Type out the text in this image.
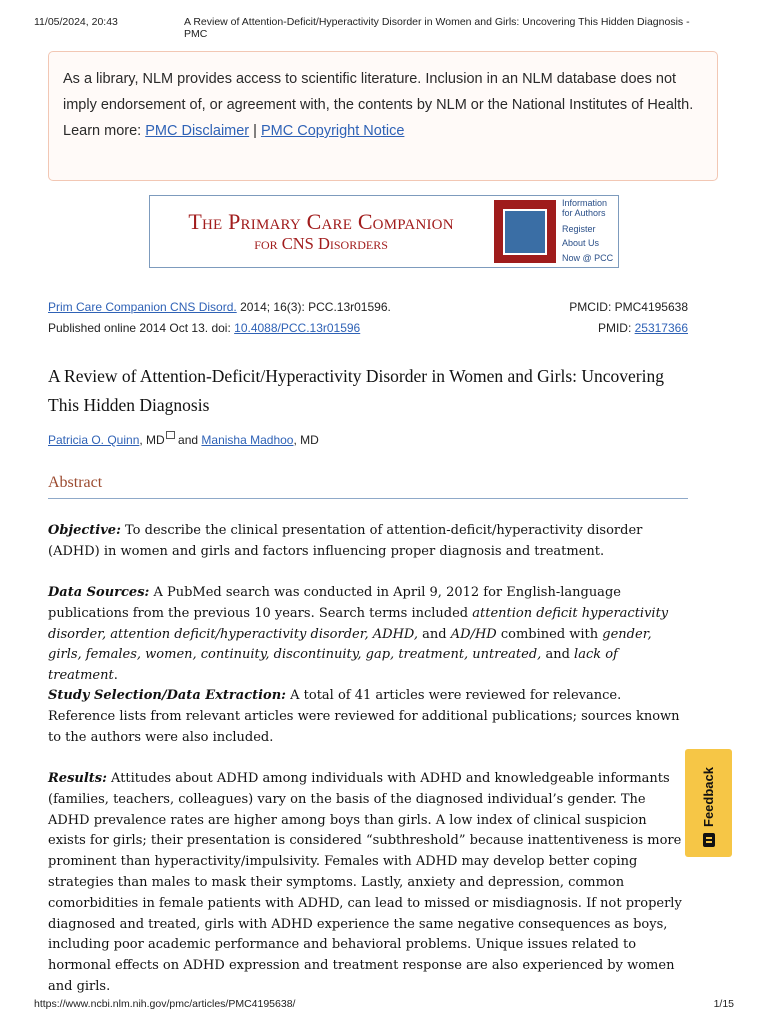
11/05/2024, 20:43	A Review of Attention-Deficit/Hyperactivity Disorder in Women and Girls: Uncovering This Hidden Diagnosis - PMC
As a library, NLM provides access to scientific literature. Inclusion in an NLM database does not imply endorsement of, or agreement with, the contents by NLM or the National Institutes of Health.
Learn more: PMC Disclaimer | PMC Copyright Notice
The Primary Care Companion
for CNS Disorders
Information for Authors
Register
About Us
Now @ PCC
Prim Care Companion CNS Disord. 2014; 16(3): PCC.13r01596.	PMCID: PMC4195638
Published online 2014 Oct 13. doi: 10.4088/PCC.13r01596	PMID: 25317366
A Review of Attention-Deficit/Hyperactivity Disorder in Women and Girls: Uncovering This Hidden Diagnosis
Patricia O. Quinn, MD and Manisha Madhoo, MD
Abstract
Objective: To describe the clinical presentation of attention-deficit/hyperactivity disorder (ADHD) in women and girls and factors influencing proper diagnosis and treatment.
Data Sources: A PubMed search was conducted in April 9, 2012 for English-language publications from the previous 10 years. Search terms included attention deficit hyperactivity disorder, attention deficit/hyperactivity disorder, ADHD, and AD/HD combined with gender, girls, females, women, continuity, discontinuity, gap, treatment, untreated, and lack of treatment.
Study Selection/Data Extraction: A total of 41 articles were reviewed for relevance. Reference lists from relevant articles were reviewed for additional publications; sources known to the authors were also included.
Results: Attitudes about ADHD among individuals with ADHD and knowledgeable informants (families, teachers, colleagues) vary on the basis of the diagnosed individual’s gender. The ADHD prevalence rates are higher among boys than girls. A low index of clinical suspicion exists for girls; their presentation is considered “subthreshold” because inattentiveness is more prominent than hyperactivity/impulsivity. Females with ADHD may develop better coping strategies than males to mask their symptoms. Lastly, anxiety and depression, common comorbidities in female patients with ADHD, can lead to missed or misdiagnosis. If not properly diagnosed and treated, girls with ADHD experience the same negative consequences as boys, including poor academic performance and behavioral problems. Unique issues related to hormonal effects on ADHD expression and treatment response are also experienced by women and girls.
Feedback
https://www.ncbi.nlm.nih.gov/pmc/articles/PMC4195638/	1/15
